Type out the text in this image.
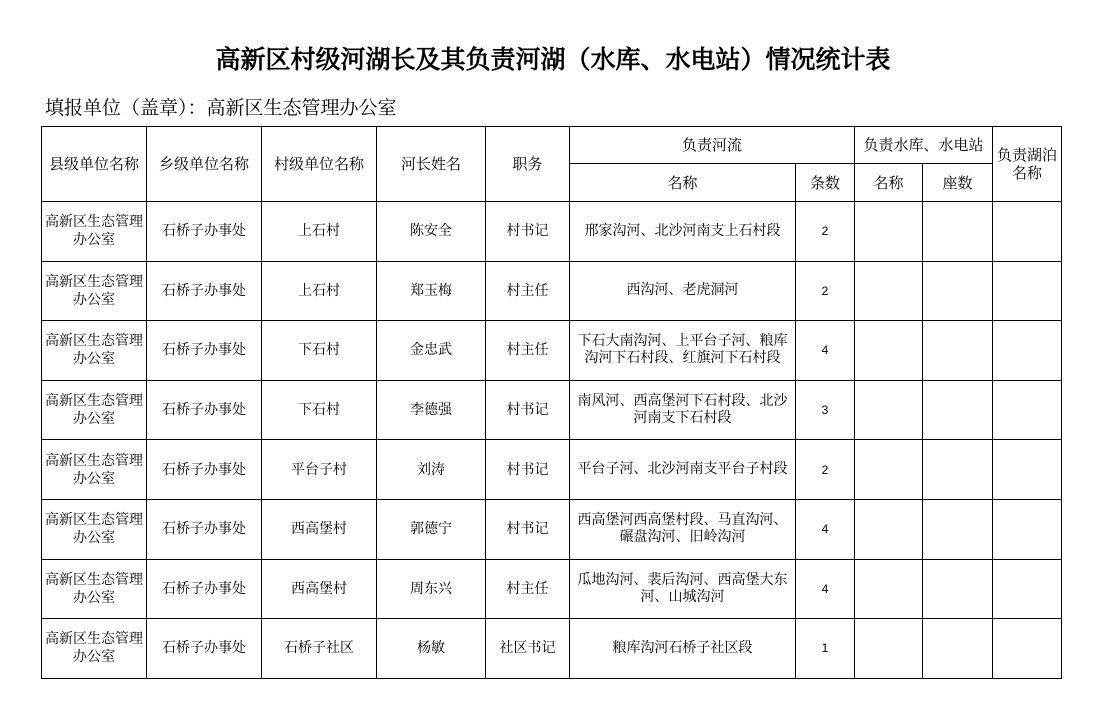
高新区村级河湖长及其负责河湖（水库、水电站）情况统计表
填报单位（盖章）：高新区生态管理办公室
县级单位名称	乡级单位名称	村级单位名称	河长姓名	职务	负责河流		负责水库、水电站		负责湖泊名称
					名称	条数	名称	座数	
高新区生态管理办公室	石桥子办事处	上石村	陈安全	村书记	邢家沟河、北沙河南支上石村段	2			
高新区生态管理办公室	石桥子办事处	上石村	郑玉梅	村主任	西沟河、老虎洞河	2			
高新区生态管理办公室	石桥子办事处	下石村	金忠武	村主任	下石大南沟河、上平台子河、粮库沟河下石村段、红旗河下石村段	4			
高新区生态管理办公室	石桥子办事处	下石村	李德强	村书记	南风河、西高堡河下石村段、北沙河南支下石村段	3			
高新区生态管理办公室	石桥子办事处	平台子村	刘涛	村书记	平台子河、北沙河南支平台子村段	2			
高新区生态管理办公室	石桥子办事处	西高堡村	郭德宁	村书记	西高堡河西高堡村段、马直沟河、碾盘沟河、旧岭沟河	4			
高新区生态管理办公室	石桥子办事处	西高堡村	周东兴	村主任	瓜地沟河、裴后沟河、西高堡大东河、山城沟河	4			
高新区生态管理办公室	石桥子办事处	石桥子社区	杨敏	社区书记	粮库沟河石桥子社区段	1			
